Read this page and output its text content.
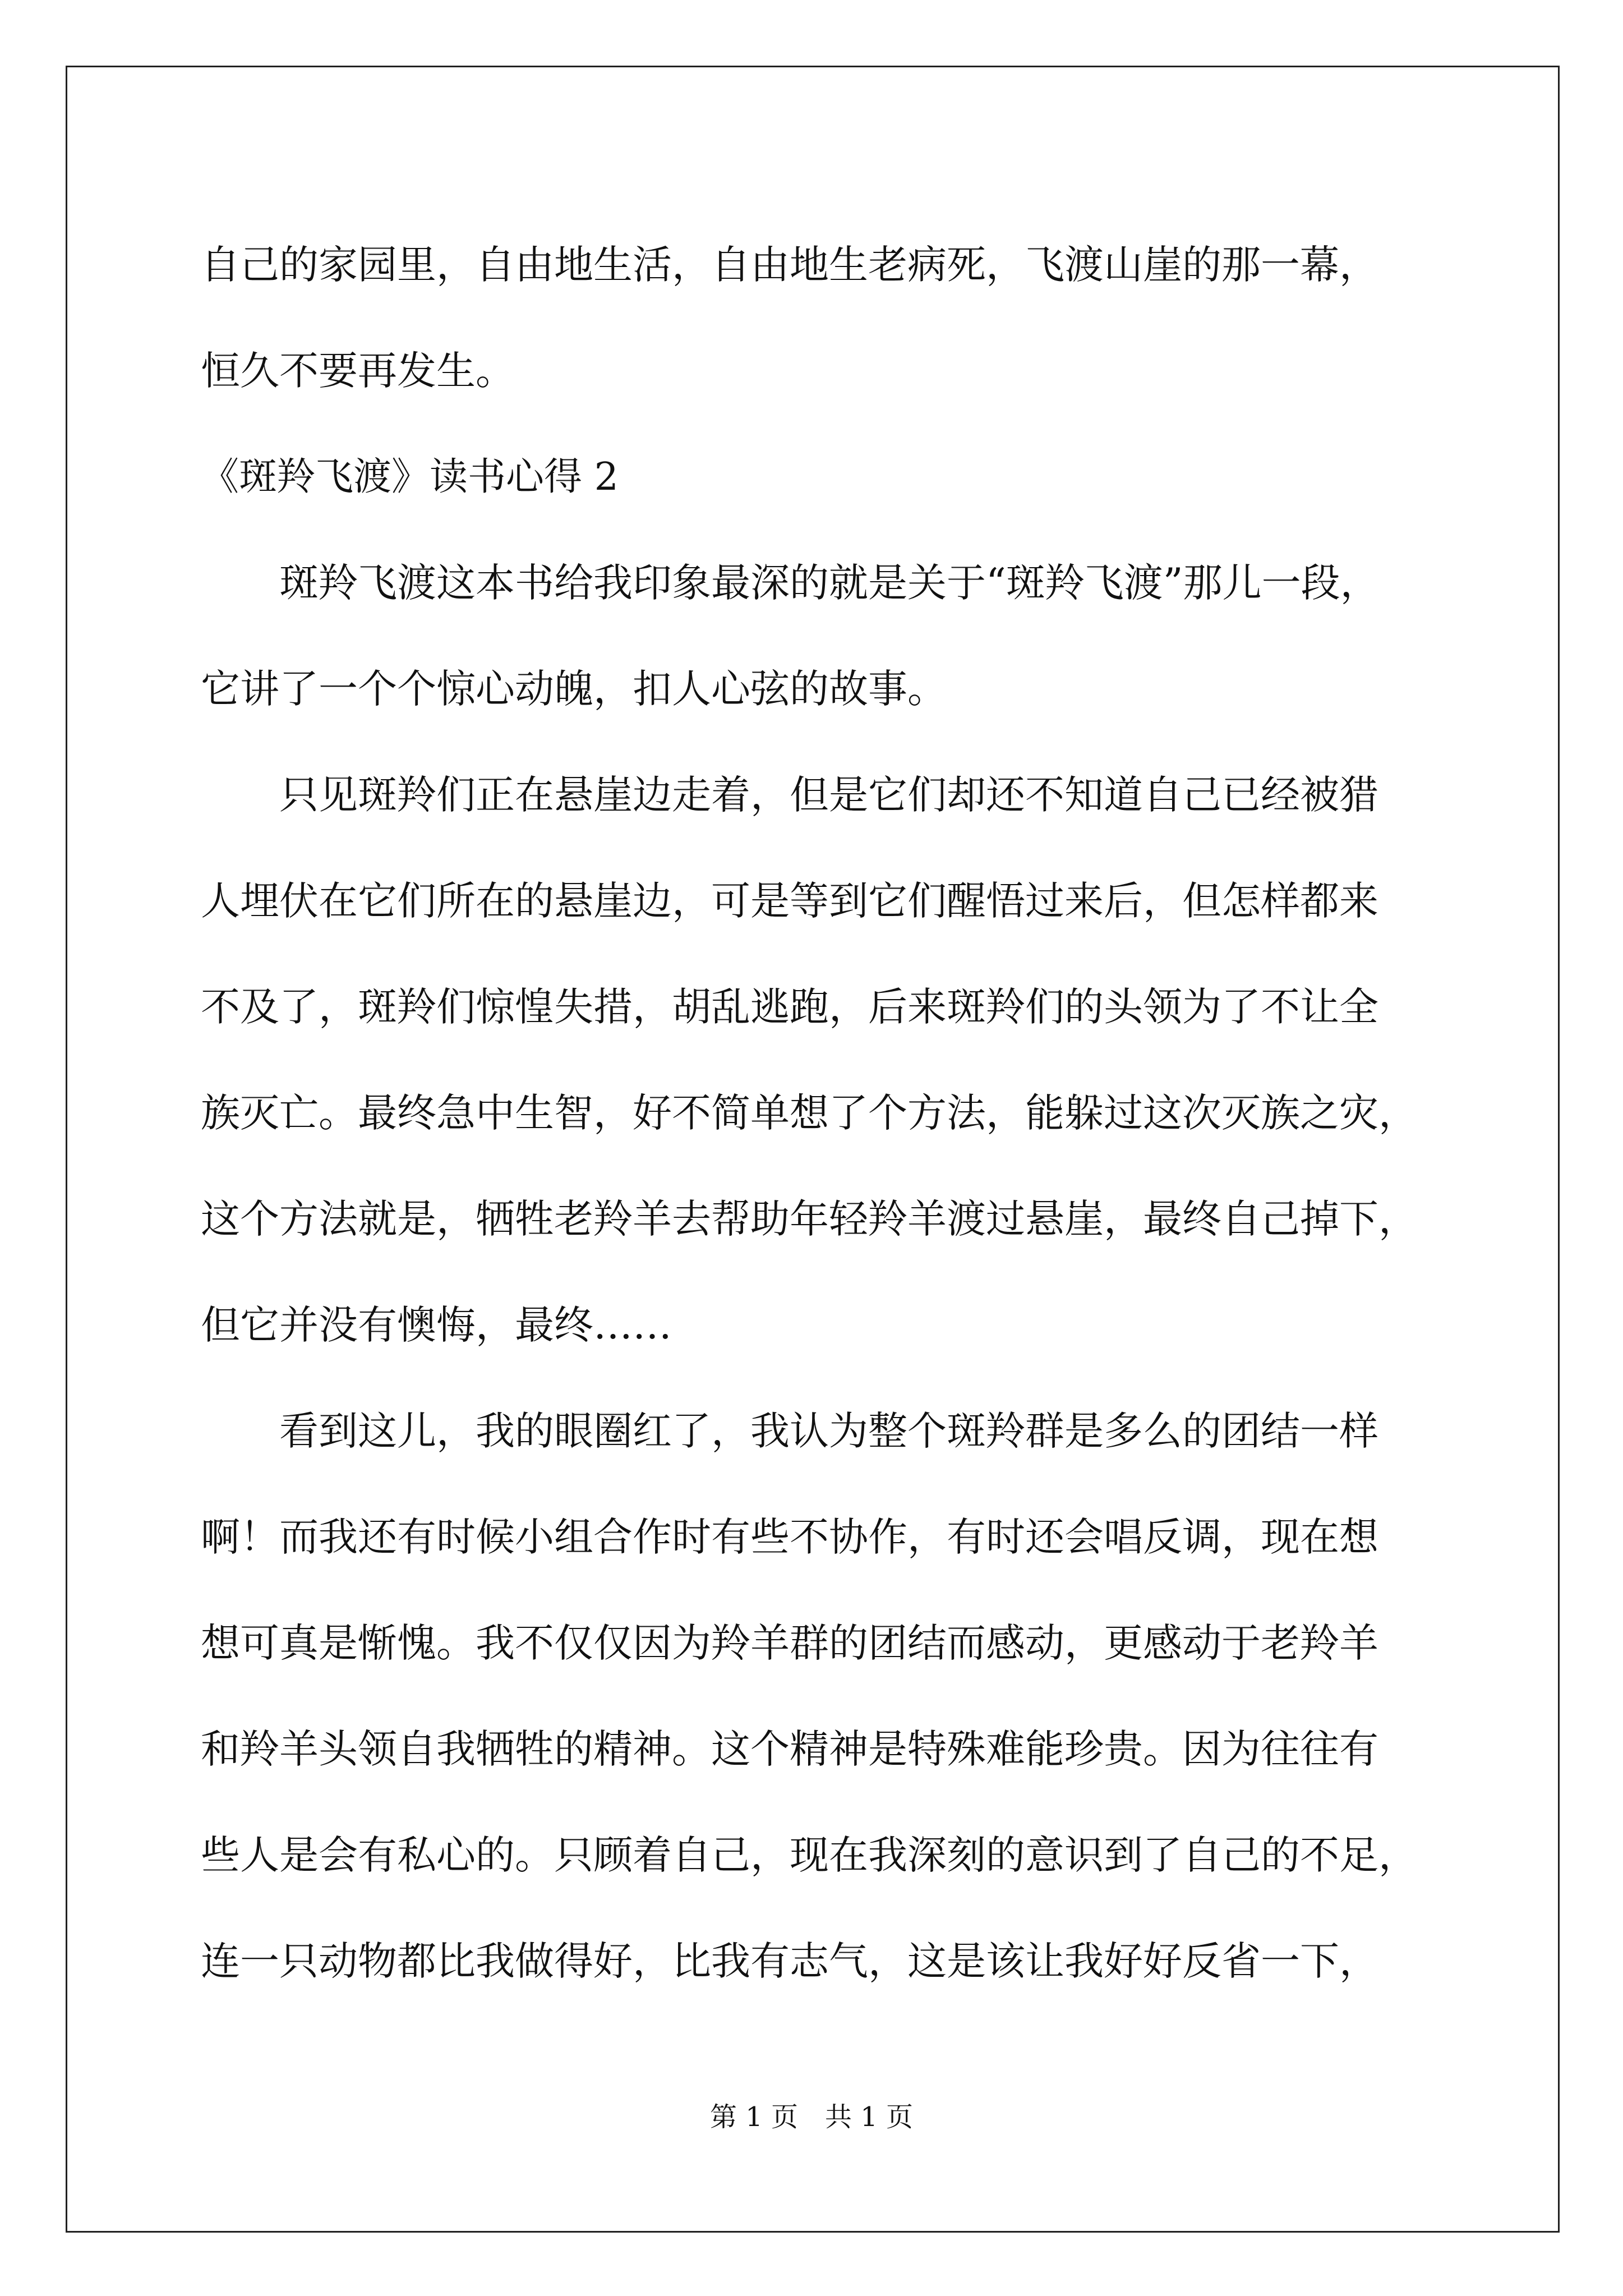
自己的家园里，自由地生活，自由地生老病死，飞渡山崖的那一幕，
恒久不要再发生。
《斑羚飞渡》读书心得 2
斑羚飞渡这本书给我印象最深的就是关于“斑羚飞渡”那儿一段，
它讲了一个个惊心动魄，扣人心弦的故事。
只见斑羚们正在悬崖边走着，但是它们却还不知道自己已经被猎
人埋伏在它们所在的悬崖边，可是等到它们醒悟过来后，但怎样都来
不及了，斑羚们惊惶失措，胡乱逃跑，后来斑羚们的头领为了不让全
族灭亡。最终急中生智，好不简单想了个方法，能躲过这次灭族之灾，
这个方法就是，牺牲老羚羊去帮助年轻羚羊渡过悬崖，最终自己掉下，
但它并没有懊悔，最终……
看到这儿，我的眼圈红了，我认为整个斑羚群是多么的团结一样
啊！而我还有时候小组合作时有些不协作，有时还会唱反调，现在想
想可真是惭愧。我不仅仅因为羚羊群的团结而感动，更感动于老羚羊
和羚羊头领自我牺牲的精神。这个精神是特殊难能珍贵。因为往往有
些人是会有私心的。只顾着自己，现在我深刻的意识到了自己的不足，
连一只动物都比我做得好，比我有志气，这是该让我好好反省一下，
第 1 页　共 1 页
